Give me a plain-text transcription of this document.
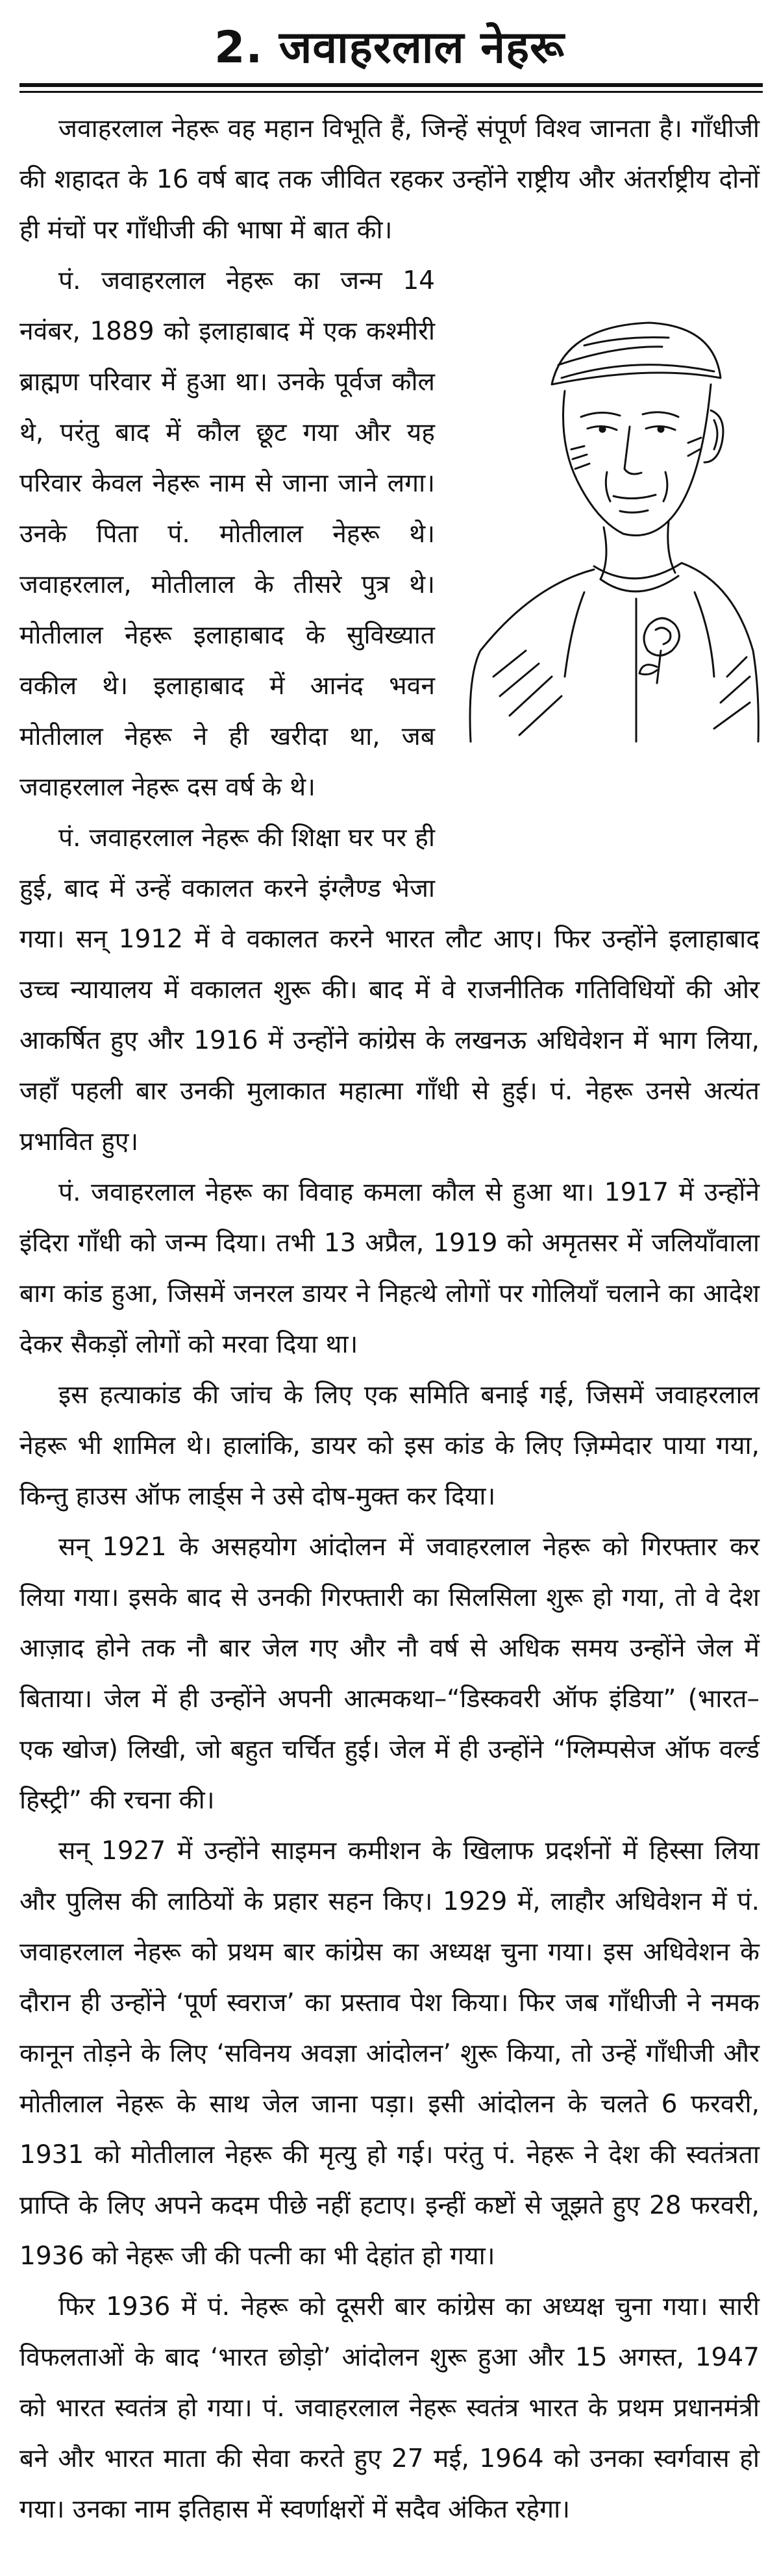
2. जवाहरलाल नेहरू

जवाहरलाल नेहरू वह महान विभूति हैं, जिन्हें संपूर्ण विश्व जानता है। गाँधीजी की शहादत के 16 वर्ष बाद तक जीवित रहकर उन्होंने राष्ट्रीय और अंतर्राष्ट्रीय दोनों ही मंचों पर गाँधीजी की भाषा में बात की।

पं. जवाहरलाल नेहरू का जन्म 14 नवंबर, 1889 को इलाहाबाद में एक कश्मीरी ब्राह्मण परिवार में हुआ था। उनके पूर्वज कौल थे, परंतु बाद में कौल छूट गया और यह परिवार केवल नेहरू नाम से जाना जाने लगा। उनके पिता पं. मोतीलाल नेहरू थे। जवाहरलाल, मोतीलाल के तीसरे पुत्र थे। मोतीलाल नेहरू इलाहाबाद के सुविख्यात वकील थे। इलाहाबाद में आनंद भवन मोतीलाल नेहरू ने ही खरीदा था, जब जवाहरलाल नेहरू दस वर्ष के थे।

पं. जवाहरलाल नेहरू की शिक्षा घर पर ही हुई, बाद में उन्हें वकालत करने इंग्लैण्ड भेजा गया। सन् 1912 में वे वकालत करने भारत लौट आए। फिर उन्होंने इलाहाबाद उच्च न्यायालय में वकालत शुरू की। बाद में वे राजनीतिक गतिविधियों की ओर आकर्षित हुए और 1916 में उन्होंने कांग्रेस के लखनऊ अधिवेशन में भाग लिया, जहाँ पहली बार उनकी मुलाकात महात्मा गाँधी से हुई। पं. नेहरू उनसे अत्यंत प्रभावित हुए।

पं. जवाहरलाल नेहरू का विवाह कमला कौल से हुआ था। 1917 में उन्होंने इंदिरा गाँधी को जन्म दिया। तभी 13 अप्रैल, 1919 को अमृतसर में जलियाँवाला बाग कांड हुआ, जिसमें जनरल डायर ने निहत्थे लोगों पर गोलियाँ चलाने का आदेश देकर सैकड़ों लोगों को मरवा दिया था।

इस हत्याकांड की जांच के लिए एक समिति बनाई गई, जिसमें जवाहरलाल नेहरू भी शामिल थे। हालांकि, डायर को इस कांड के लिए ज़िम्मेदार पाया गया, किन्तु हाउस ऑफ लार्ड्स ने उसे दोष-मुक्त कर दिया।

सन् 1921 के असहयोग आंदोलन में जवाहरलाल नेहरू को गिरफ्तार कर लिया गया। इसके बाद से उनकी गिरफ्तारी का सिलसिला शुरू हो गया, तो वे देश आज़ाद होने तक नौ बार जेल गए और नौ वर्ष से अधिक समय उन्होंने जेल में बिताया। जेल में ही उन्होंने अपनी आत्मकथा–“डिस्कवरी ऑफ इंडिया” (भारत–एक खोज) लिखी, जो बहुत चर्चित हुई। जेल में ही उन्होंने “ग्लिम्पसेज ऑफ वर्ल्ड हिस्ट्री” की रचना की।

सन् 1927 में उन्होंने साइमन कमीशन के खिलाफ प्रदर्शनों में हिस्सा लिया और पुलिस की लाठियों के प्रहार सहन किए। 1929 में, लाहौर अधिवेशन में पं. जवाहरलाल नेहरू को प्रथम बार कांग्रेस का अध्यक्ष चुना गया। इस अधिवेशन के दौरान ही उन्होंने ‘पूर्ण स्वराज’ का प्रस्ताव पेश किया। फिर जब गाँधीजी ने नमक कानून तोड़ने के लिए ‘सविनय अवज्ञा आंदोलन’ शुरू किया, तो उन्हें गाँधीजी और मोतीलाल नेहरू के साथ जेल जाना पड़ा। इसी आंदोलन के चलते 6 फरवरी, 1931 को मोतीलाल नेहरू की मृत्यु हो गई। परंतु पं. नेहरू ने देश की स्वतंत्रता प्राप्ति के लिए अपने कदम पीछे नहीं हटाए। इन्हीं कष्टों से जूझते हुए 28 फरवरी, 1936 को नेहरू जी की पत्नी का भी देहांत हो गया।

फिर 1936 में पं. नेहरू को दूसरी बार कांग्रेस का अध्यक्ष चुना गया। सारी विफलताओं के बाद ‘भारत छोड़ो’ आंदोलन शुरू हुआ और 15 अगस्त, 1947 को भारत स्वतंत्र हो गया। पं. जवाहरलाल नेहरू स्वतंत्र भारत के प्रथम प्रधानमंत्री बने और भारत माता की सेवा करते हुए 27 मई, 1964 को उनका स्वर्गवास हो गया। उनका नाम इतिहास में स्वर्णाक्षरों में सदैव अंकित रहेगा।
